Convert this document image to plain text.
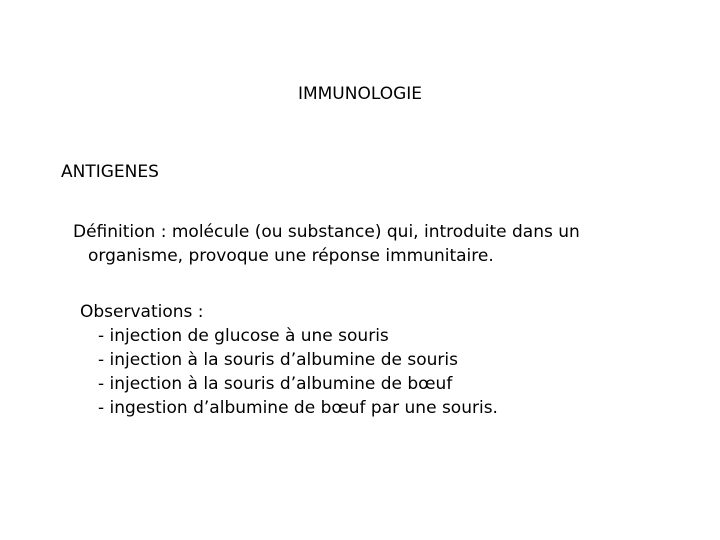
IMMUNOLOGIE
ANTIGENES
Définition : molécule (ou substance) qui, introduite dans un
organisme, provoque une réponse immunitaire.
Observations :
- injection de glucose à une souris
- injection à la souris d’albumine de souris
- injection à la souris d’albumine de bœuf
- ingestion d’albumine de bœuf par une souris.
